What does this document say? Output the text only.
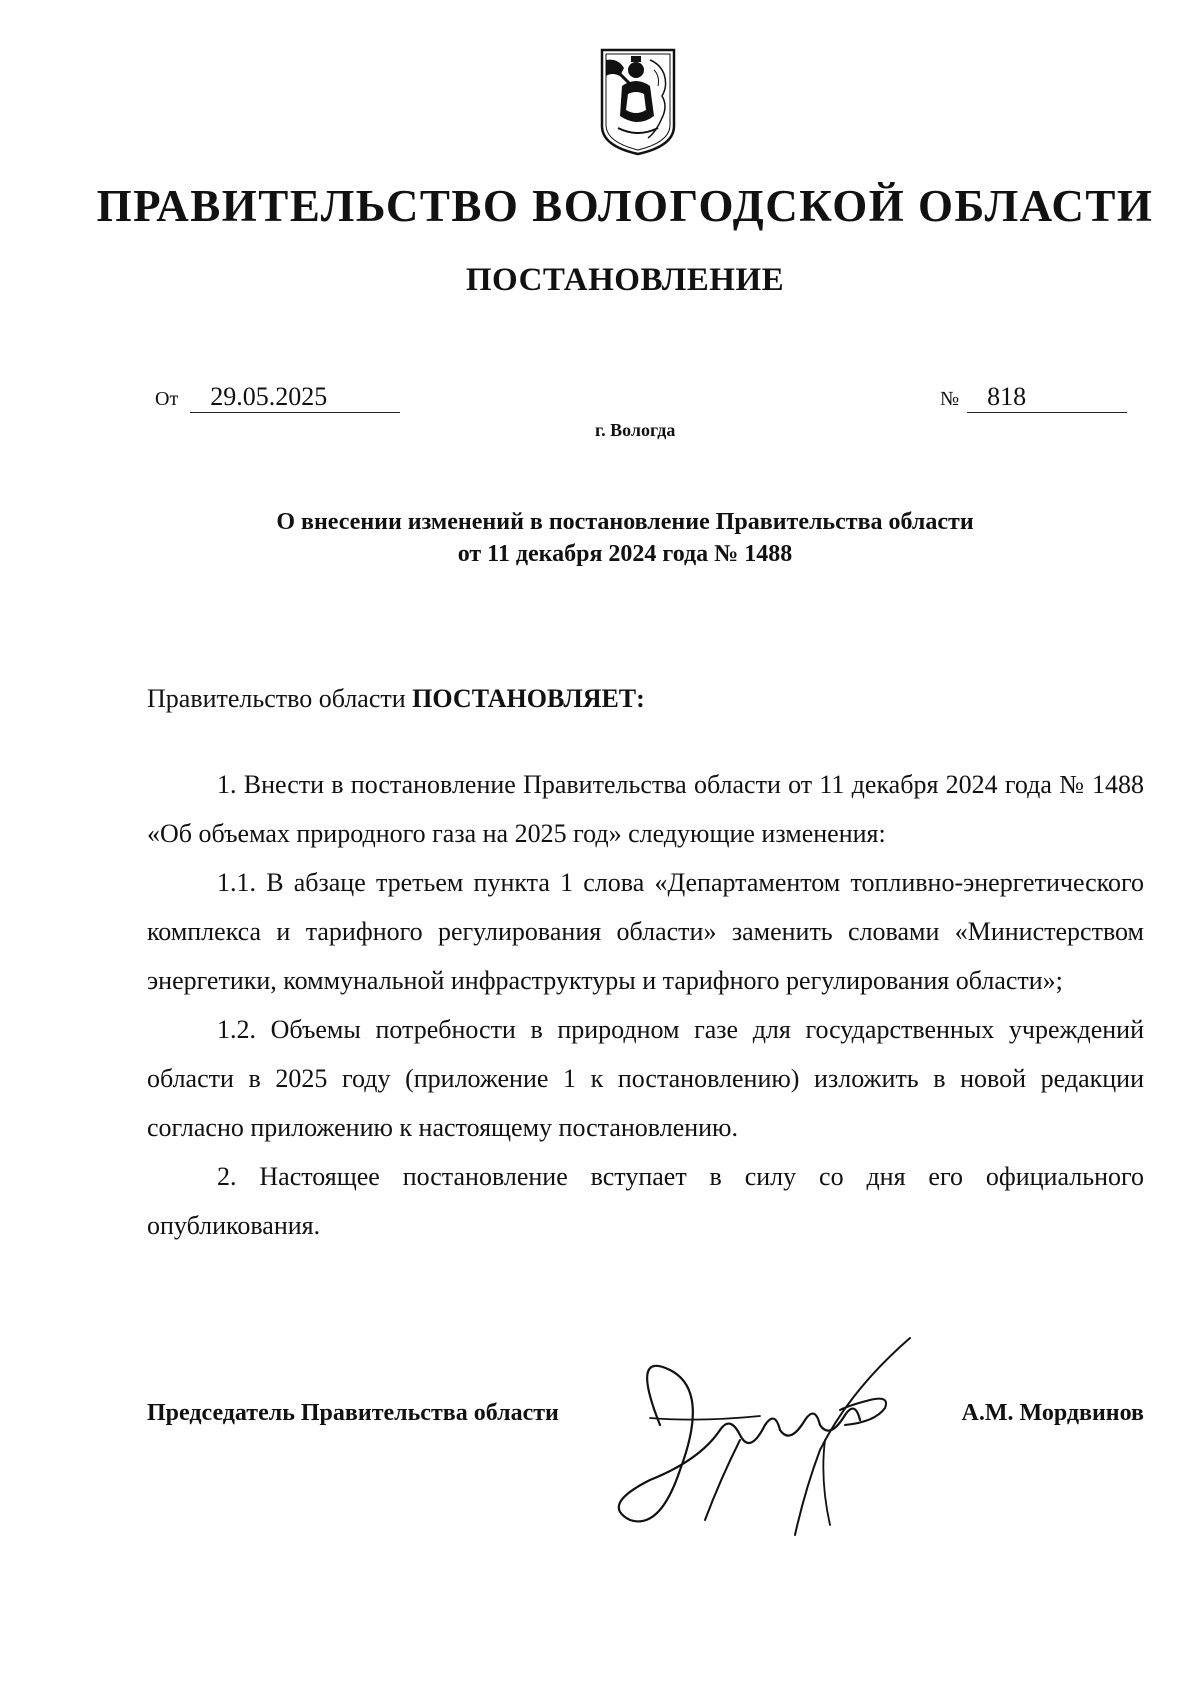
ПРАВИТЕЛЬСТВО ВОЛОГОДСКОЙ ОБЛАСТИ
ПОСТАНОВЛЕНИЕ
От 29.05.2025	№ 818
г. Вологда
О внесении изменений в постановление Правительства области
от 11 декабря 2024 года № 1488
Правительство области ПОСТАНОВЛЯЕТ:

1. Внести в постановление Правительства области от 11 декабря 2024 года № 1488 «Об объемах природного газа на 2025 год» следующие изменения:

1.1. В абзаце третьем пункта 1 слова «Департаментом топливно-энергетического комплекса и тарифного регулирования области» заменить словами «Министерством энергетики, коммунальной инфраструктуры и тарифного регулирования области»;

1.2. Объемы потребности в природном газе для государственных учреждений области в 2025 году (приложение 1 к постановлению) изложить в новой редакции согласно приложению к настоящему постановлению.

2. Настоящее постановление вступает в силу со дня его официального опубликования.

Председатель Правительства области	А.М. Мордвинов
